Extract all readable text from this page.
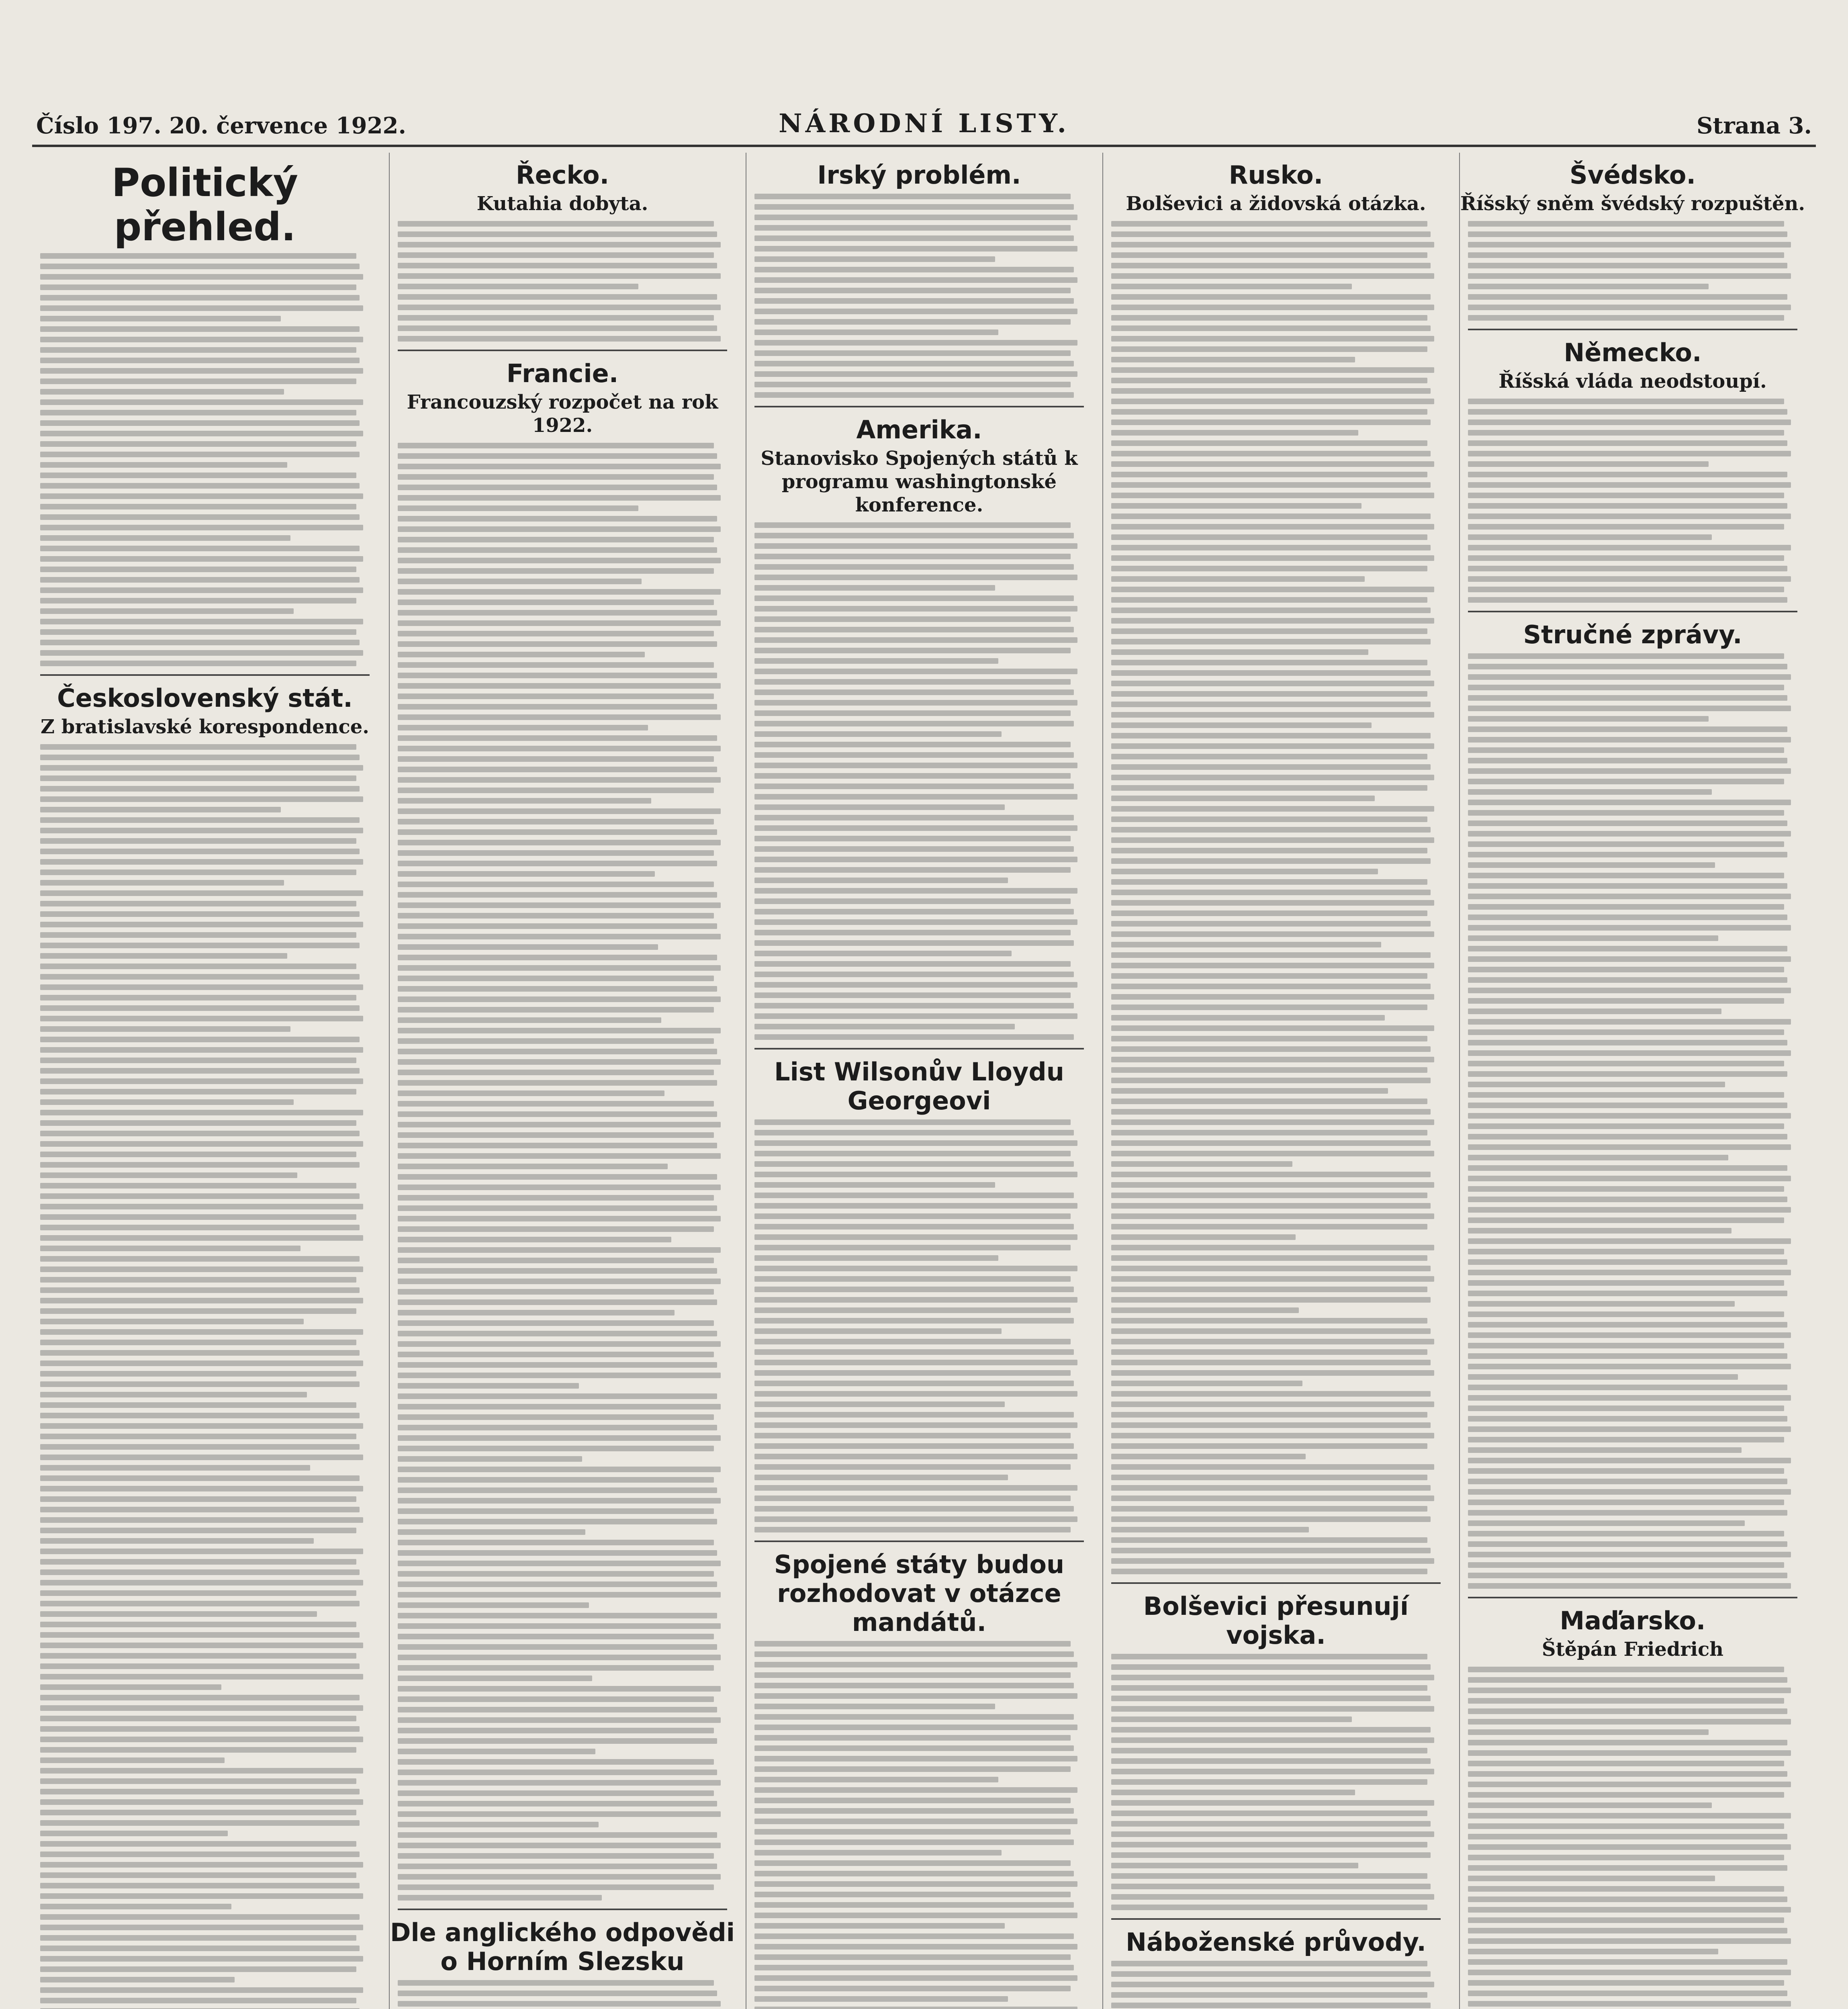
Číslo 197. 20. července 1922.	NÁRODNÍ LISTY.	Strana 3.
Politický přehled.
Československý stát.
Z bratislavské korespondence.
Řecko.
Kutahia dobyta.
Francie.
Francouzský rozpočet na rok 1922.
Dle anglického odpovědi o Horním Slezsku
Irský problém.
Amerika.
Stanovisko Spojených států k programu washingtonské konference.
List Wilsonův Lloydu Georgeovi
Spojené státy budou rozhodovat v otázce mandátů.
Rusko.
Bolševici a židovská otázka.
Bolševici přesunují vojska.
Náboženské průvody.
Švédsko.
Říšský sněm švédský rozpuštěn.
Německo.
Říšská vláda neodstoupí.
Stručné zprávy.
Maďarsko.
Štěpán Friedrich
